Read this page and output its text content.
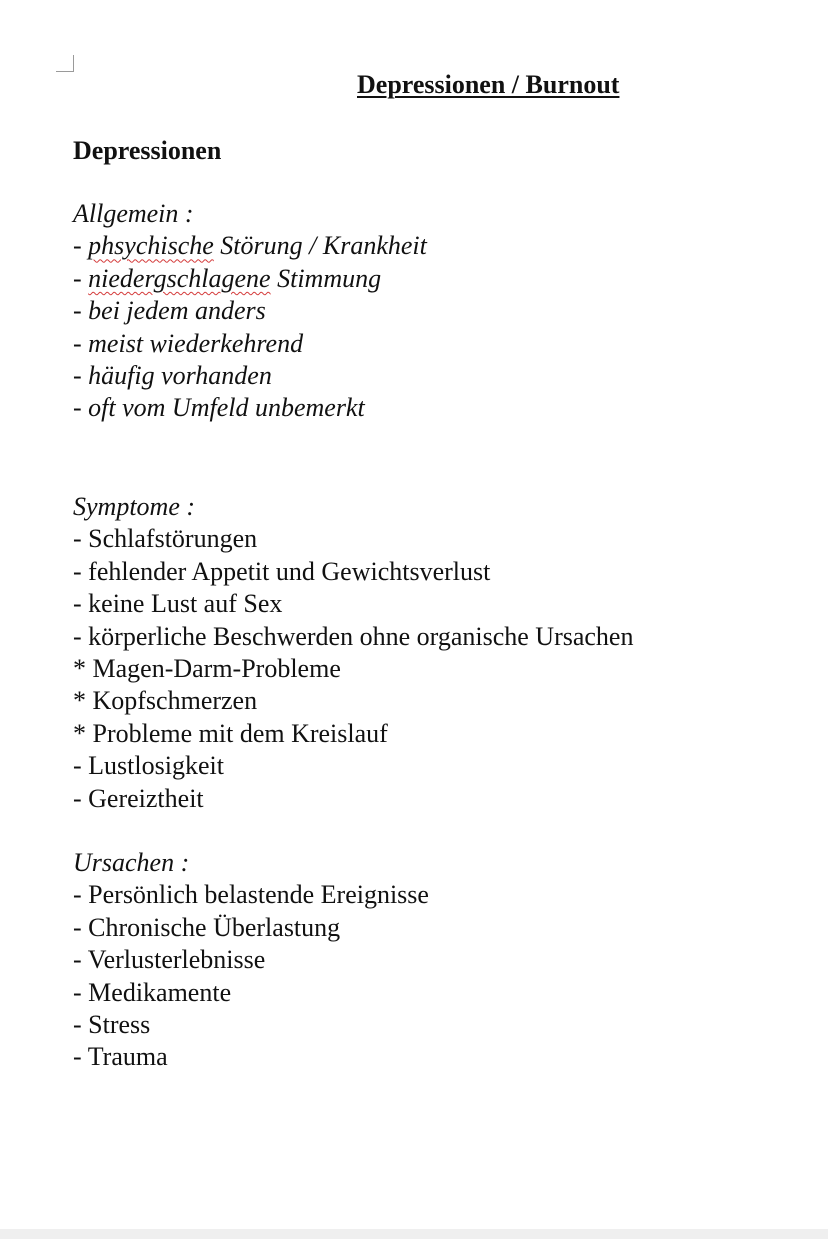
Depressionen / Burnout
Depressionen
Allgemein :
- phsychische Störung / Krankheit
- niedergschlagene Stimmung
- bei jedem anders
- meist wiederkehrend
- häufig vorhanden
- oft vom Umfeld unbemerkt
Symptome :
- Schlafstörungen
- fehlender Appetit und Gewichtsverlust
- keine Lust auf Sex
- körperliche Beschwerden ohne organische Ursachen
* Magen-Darm-Probleme
* Kopfschmerzen
* Probleme mit dem Kreislauf
- Lustlosigkeit
- Gereiztheit
Ursachen :
- Persönlich belastende Ereignisse
- Chronische Überlastung
- Verlusterlebnisse
- Medikamente
- Stress
- Trauma
